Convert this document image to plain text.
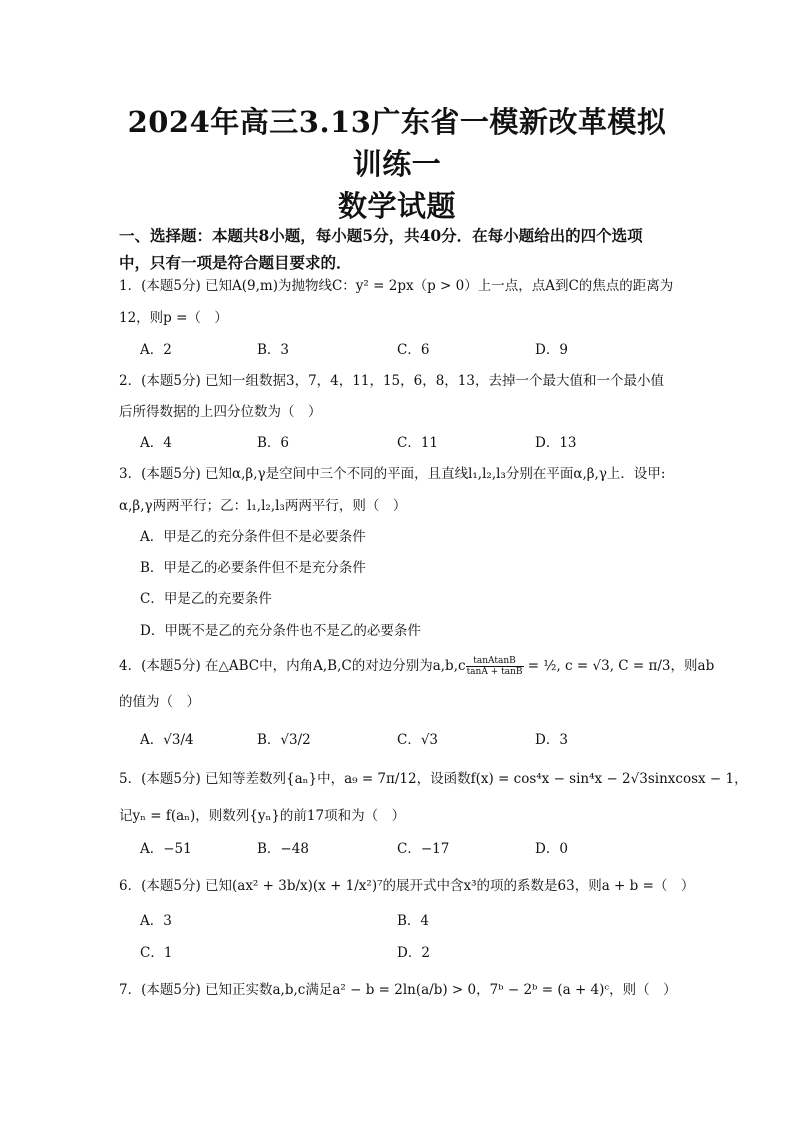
2024年高三3.13广东省一模新改革模拟
训练一
数学试题
一、选择题：本题共8小题，每小题5分，共40分．在每小题给出的四个选项
中，只有一项是符合题目要求的．
1．(本题5分) 已知A(9,m)为抛物线C：y² = 2px（p > 0）上一点，点A到C的焦点的距离为
12，则p =（　）
A．2	B．3	C．6	D．9
2．(本题5分) 已知一组数据3，7，4，11，15，6，8，13，去掉一个最大值和一个最小值
后所得数据的上四分位数为（　）
A．4	B．6	C．11	D．13
3．(本题5分) 已知α,β,γ是空间中三个不同的平面，且直线l₁,l₂,l₃分别在平面α,β,γ上．设甲:
α,β,γ两两平行；乙：l₁,l₂,l₃两两平行，则（　）
A．甲是乙的充分条件但不是必要条件
B．甲是乙的必要条件但不是充分条件
C．甲是乙的充要条件
D．甲既不是乙的充分条件也不是乙的必要条件
4．(本题5分) 在△ABC中，内角A,B,C的对边分别为$a,b,c \frac{\text{tanAtanB}}{\tan A + \tan B}$ = ½, c = √3, C = π/3，则ab
的值为（　）
A．√3/4	B．√3/2	C．√3	D．3
5．(本题5分) 已知等差数列{aₙ}中，a₉ = 7π/12，设函数f(x) = cos⁴x − sin⁴x − 2√3sinxcosx − 1，
记yₙ = f(aₙ)，则数列{yₙ}的前17项和为（　）
A．−51	B．−48	C．−17	D．0
6．(本题5分) 已知(ax² + 3b/x)(x + 1/x²)⁷的展开式中含x³的项的系数是63，则a + b =（　）
A．3	B．4
C．1	D．2
7．(本题5分) 已知正实数a,b,c满足a² − b = 2ln(a/b) > 0，7ᵇ − 2ᵇ = (a + 4)ᶜ，则（　）
